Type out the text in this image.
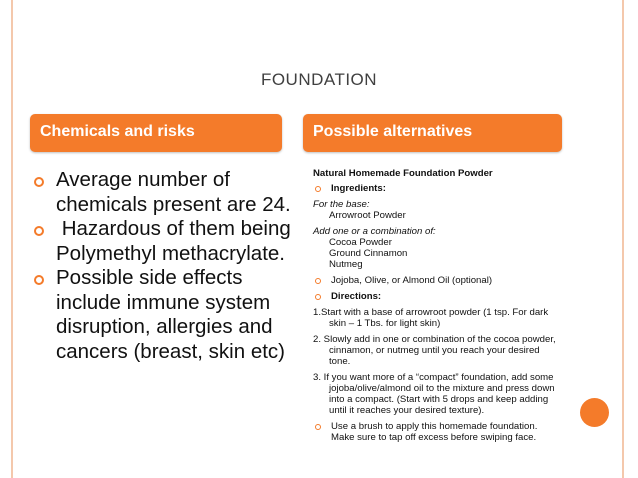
FOUNDATION
Chemicals and risks	Possible alternatives
Average number of chemicals present are 24.
Hazardous of them being Polymethyl methacrylate.
Possible side effects include immune system disruption, allergies and cancers (breast, skin etc)

Natural Homemade Foundation Powder

Ingredients:

For the base:

Arrowroot Powder

Add one or a combination of:

Cocoa Powder

Ground Cinnamon

Nutmeg

Jojoba, Olive, or Almond Oil (optional)
Directions:

1.Start with a base of arrowroot powder (1 tsp. For dark skin – 1 Tbs. for light skin)

2. Slowly add in one or combination of the cocoa powder, cinnamon, or nutmeg until you reach your desired tone.

3. If you want more of a “compact” foundation, add some jojoba/olive/almond oil to the mixture and press down into a compact. (Start with 5 drops and keep adding until it reaches your desired texture).

Use a brush to apply this homemade foundation. Make sure to tap off excess before swiping face.
